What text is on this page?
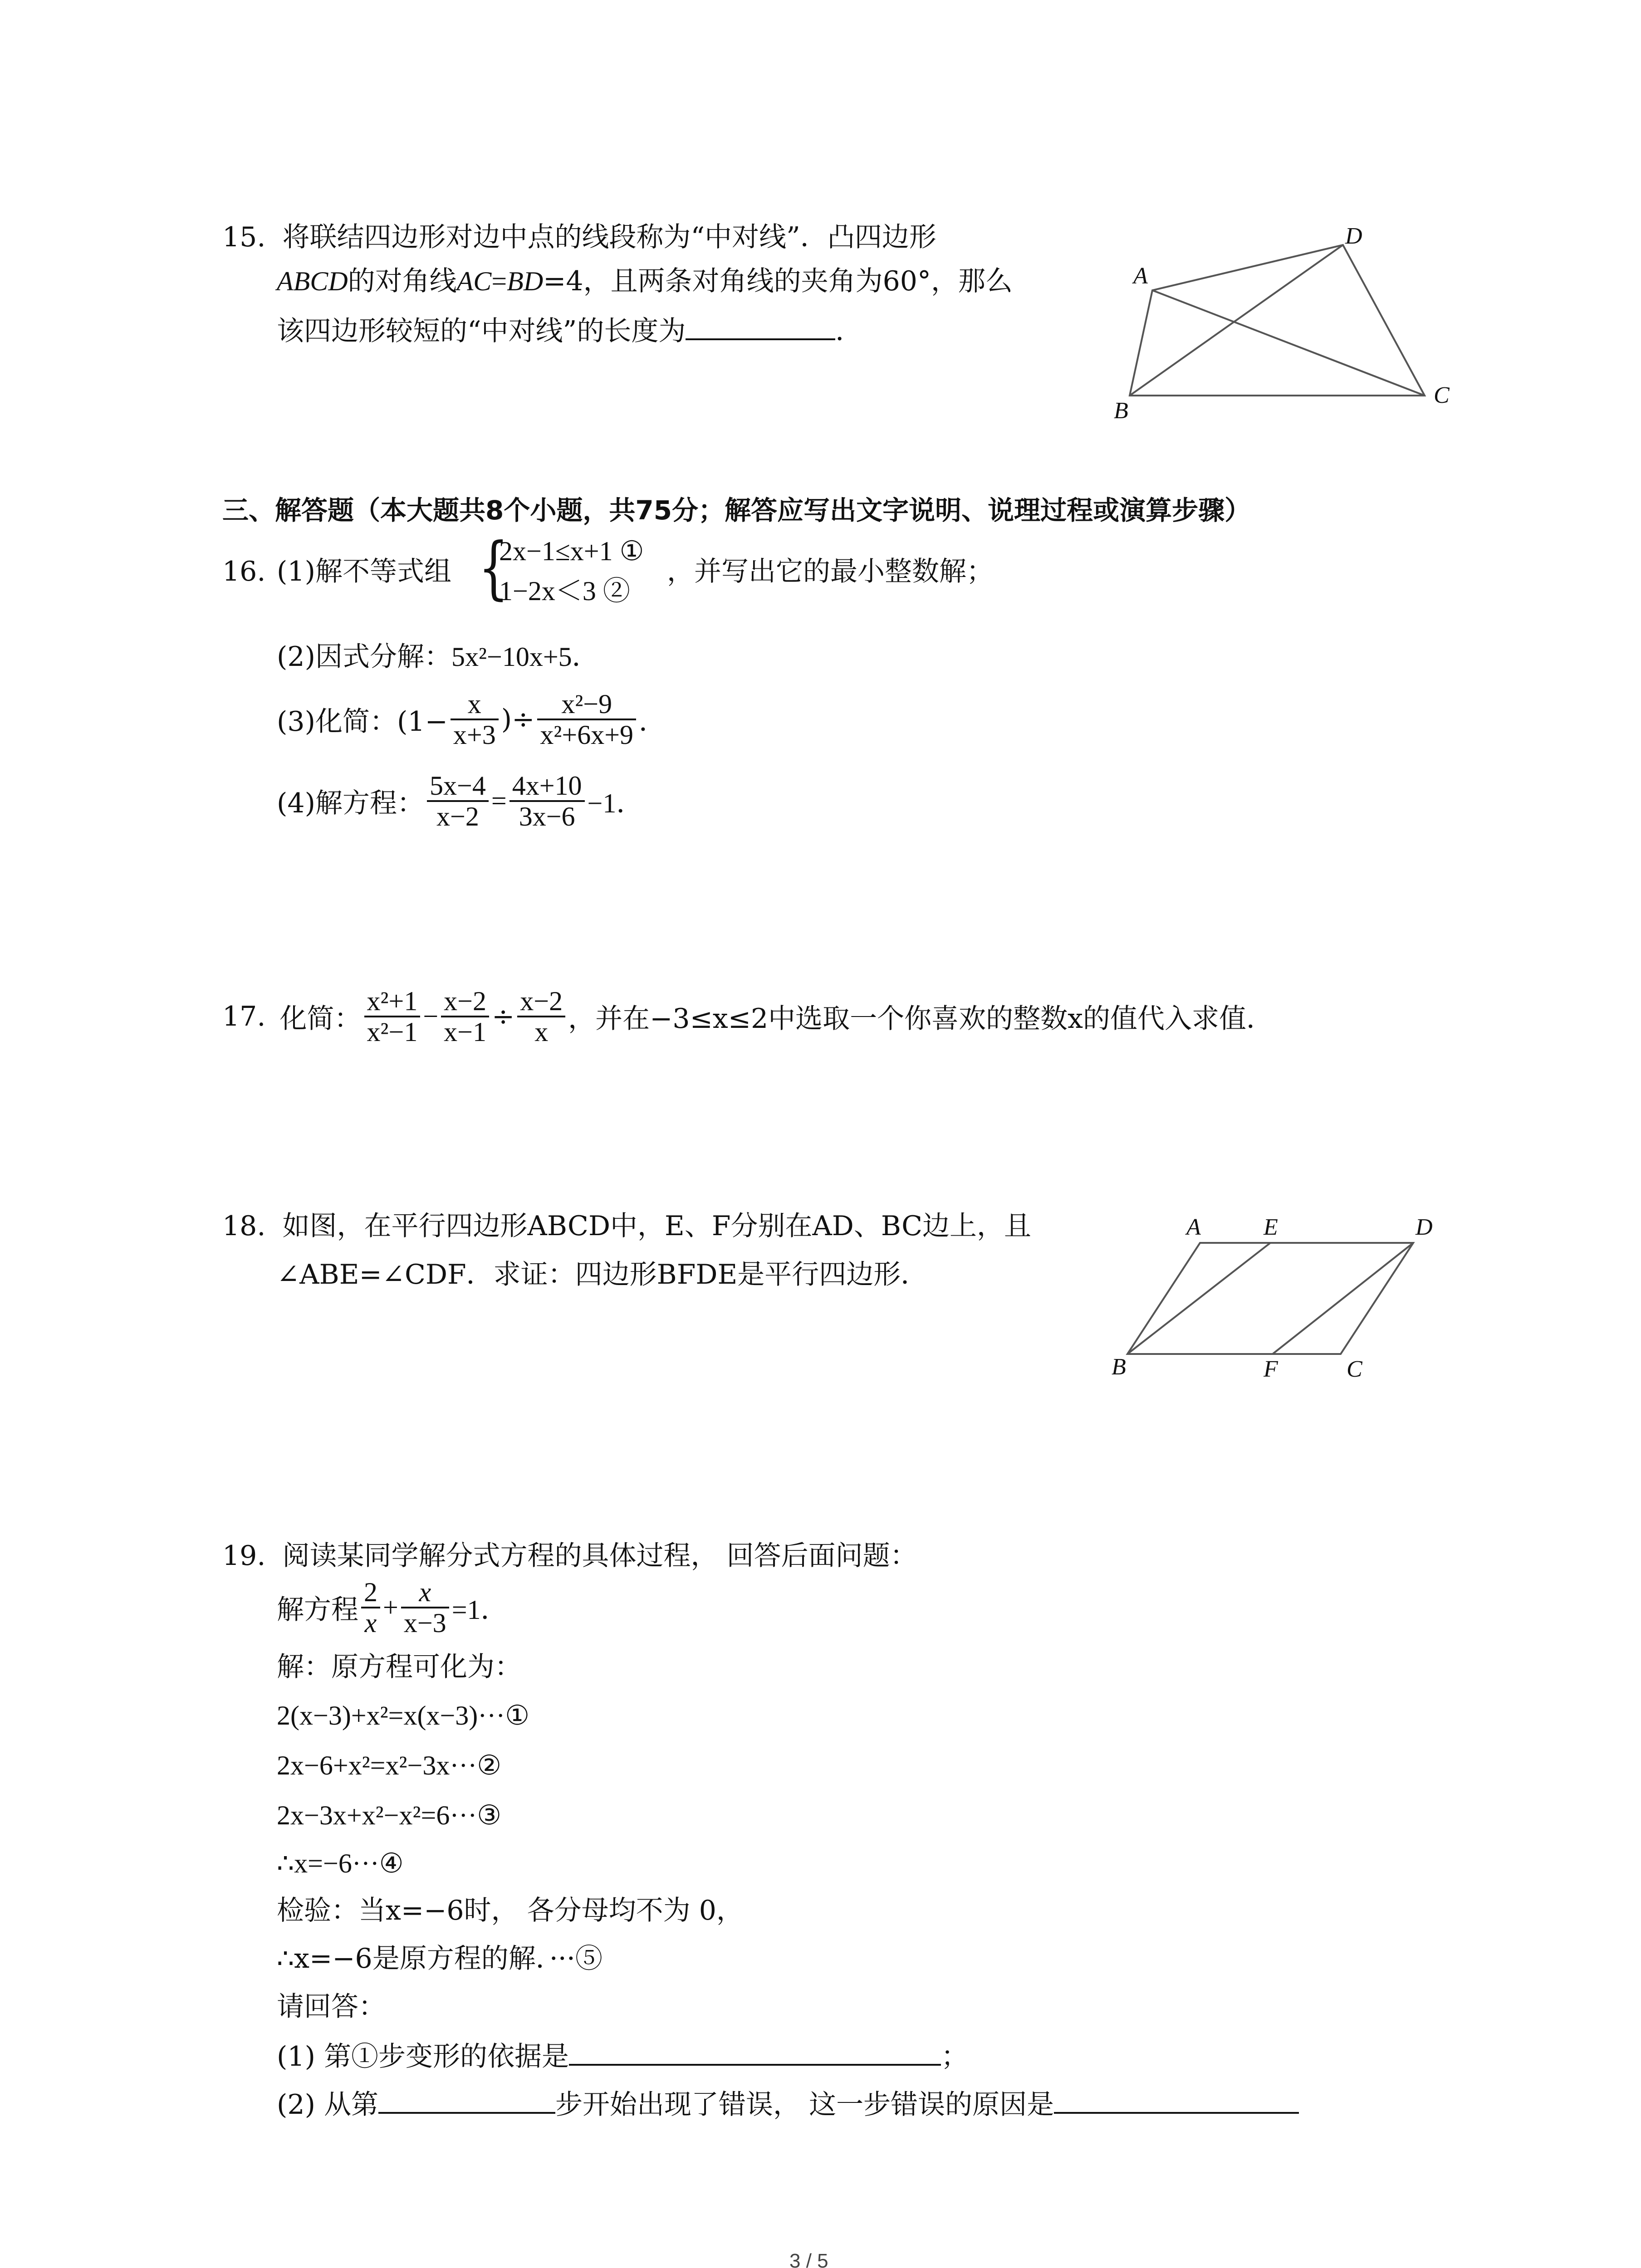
15. 将联结四边形对边中点的线段称为“中对线”．凸四边形
ABCD的对角线AC=BD=4，且两条对角线的夹角为60°，那么
该四边形较短的“中对线”的长度为	．
A
D
B
C
三、解答题（本大题共8个小题，共75分；解答应写出文字说明、说理过程或演算步骤）
16. (1)解不等式组 {
2x−1≤x+1 ①
1−2x＜3 ②
，并写出它的最小整数解；
(2)因式分解：5x²−10x+5．
(3)化简：($1- \frac{x}{x+3}$ )÷ $\frac{\text{x²−9}}{\text{x²+6x+9}}$ ．
(4)解方程： $\frac{5x-4}{x-2} = \frac{4x+10}{3x-6} -1$．
17. 化简： $\frac{\text{x²+1}}{\text{x²−1}} - \frac{x-2}{x-1} \div \frac{x-2}{x}$ ，并在−3≤x≤2中选取一个你喜欢的整数x的值代入求值．
18. 如图，在平行四边形ABCD中，E、F分别在AD、BC边上，且
∠ABE=∠CDF．求证：四边形BFDE是平行四边形．
A	E	D
B	F	C
19. 阅读某同学解分式方程的具体过程， 回答后面问题：
解方程 $\frac{2}{x} + \frac{x}{x-3} =1$．
解：原方程可化为：
2(x−3)+x²=x(x−3)···①
2x−6+x²=x²−3x···②
2x−3x+x²−x²=6···③
∴x=−6···④
检验：当x=−6时， 各分母均不为 0，
∴x=−6是原方程的解．···⑤
请回答：
(1) 第①步变形的依据是	；
(2) 从第	步开始出现了错误， 这一步错误的原因是
3 / 5
